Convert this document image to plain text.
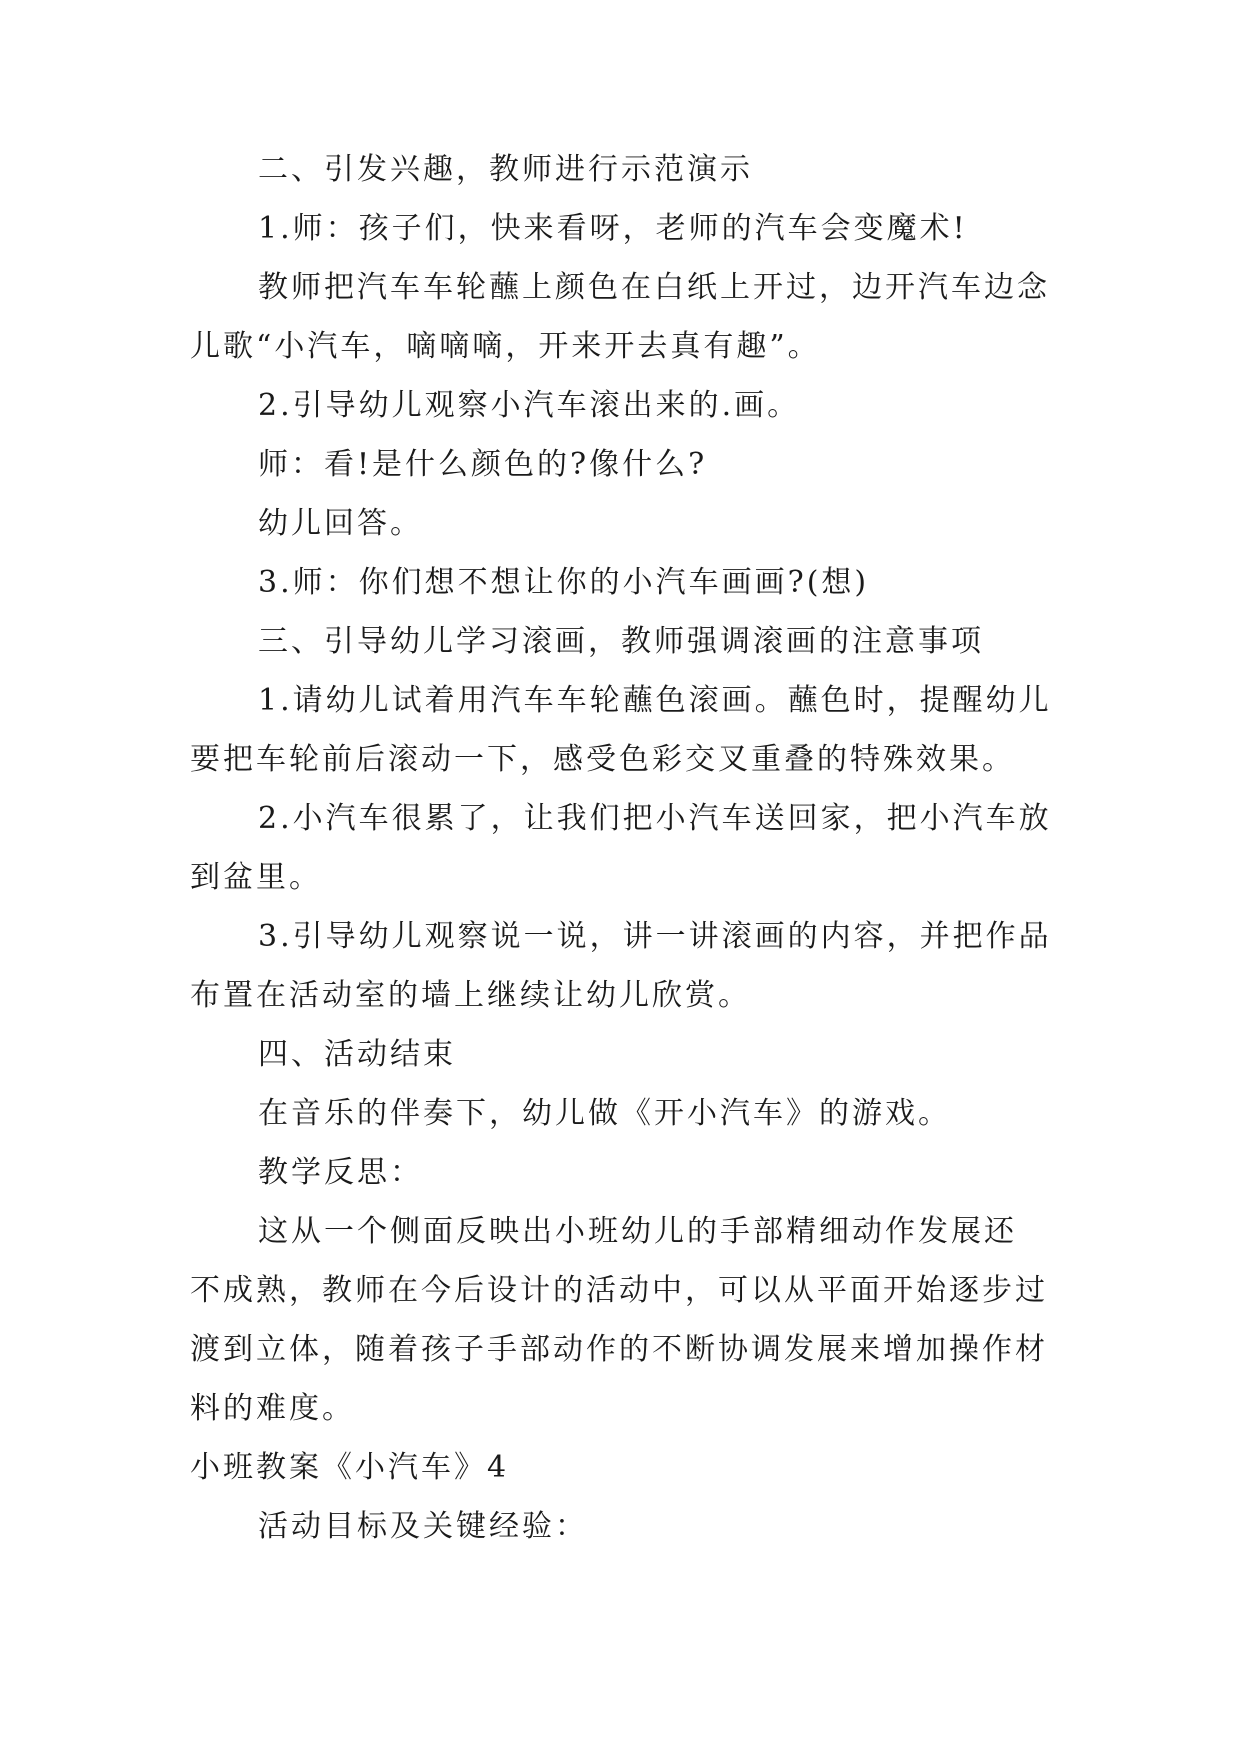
二、引发兴趣，教师进行示范演示
1.师：孩子们，快来看呀，老师的汽车会变魔术!
教师把汽车车轮蘸上颜色在白纸上开过，边开汽车边念
儿歌“小汽车，嘀嘀嘀，开来开去真有趣”。
2.引导幼儿观察小汽车滚出来的.画。
师：看!是什么颜色的?像什么?
幼儿回答。
3.师：你们想不想让你的小汽车画画?(想)
三、引导幼儿学习滚画，教师强调滚画的注意事项
1.请幼儿试着用汽车车轮蘸色滚画。蘸色时，提醒幼儿
要把车轮前后滚动一下，感受色彩交叉重叠的特殊效果。
2.小汽车很累了，让我们把小汽车送回家，把小汽车放
到盆里。
3.引导幼儿观察说一说，讲一讲滚画的内容，并把作品
布置在活动室的墙上继续让幼儿欣赏。
四、活动结束
在音乐的伴奏下，幼儿做《开小汽车》的游戏。
教学反思：
这从一个侧面反映出小班幼儿的手部精细动作发展还
不成熟，教师在今后设计的活动中，可以从平面开始逐步过
渡到立体，随着孩子手部动作的不断协调发展来增加操作材
料的难度。
小班教案《小汽车》4
活动目标及关键经验：
